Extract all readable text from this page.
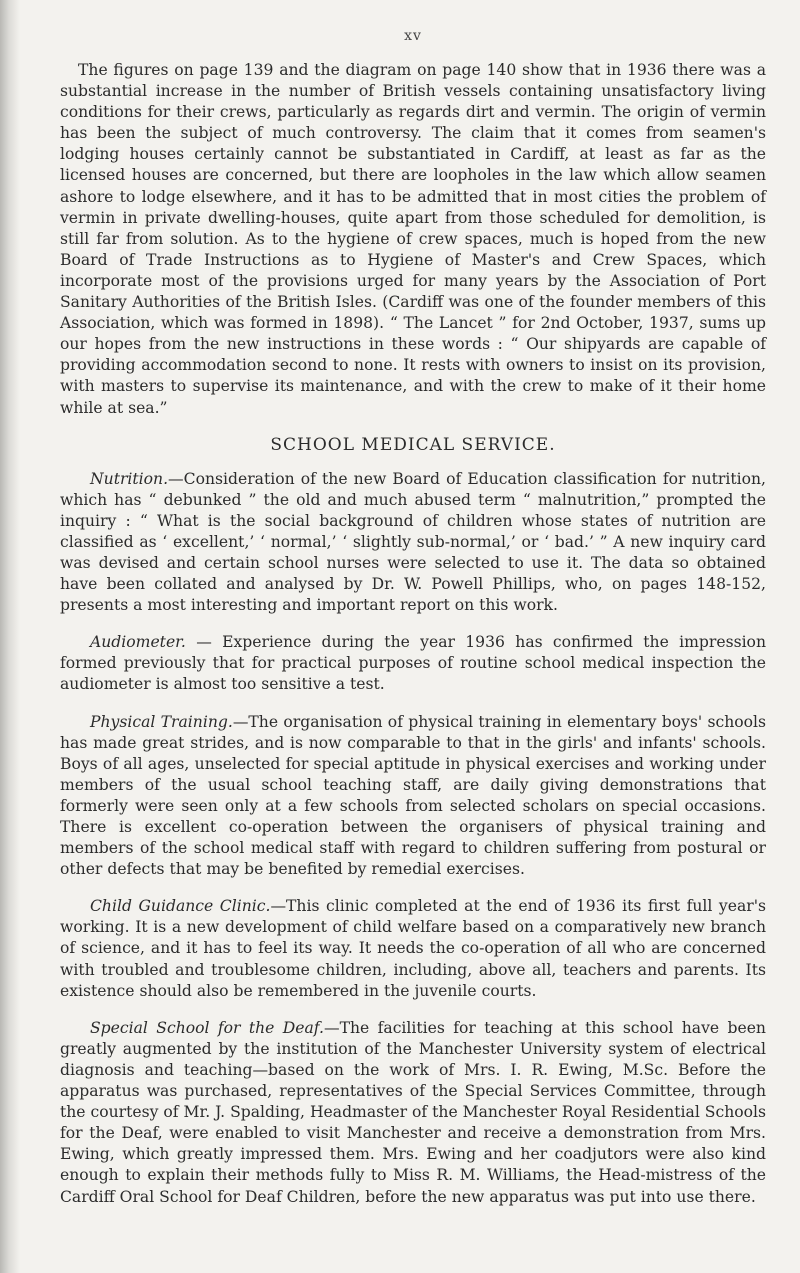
xv

The figures on page 139 and the diagram on page 140 show that in 1936 there was a substantial increase in the number of British vessels containing unsatisfactory living conditions for their crews, particularly as regards dirt and vermin. The origin of vermin has been the subject of much controversy. The claim that it comes from seamen's lodging houses certainly cannot be substantiated in Cardiff, at least as far as the licensed houses are concerned, but there are loopholes in the law which allow seamen ashore to lodge elsewhere, and it has to be admitted that in most cities the problem of vermin in private dwelling-houses, quite apart from those scheduled for demolition, is still far from solution. As to the hygiene of crew spaces, much is hoped from the new Board of Trade Instructions as to Hygiene of Master's and Crew Spaces, which incorporate most of the provisions urged for many years by the Association of Port Sanitary Authorities of the British Isles. (Cardiff was one of the founder members of this Association, which was formed in 1898). “ The Lancet ” for 2nd October, 1937, sums up our hopes from the new instructions in these words : “ Our shipyards are capable of providing accommodation second to none. It rests with owners to insist on its provision, with masters to supervise its maintenance, and with the crew to make of it their home while at sea.”

SCHOOL MEDICAL SERVICE.

Nutrition.—Consideration of the new Board of Education classification for nutrition, which has “ debunked ” the old and much abused term “ malnutrition,” prompted the inquiry : “ What is the social background of children whose states of nutrition are classified as ‘ excellent,’ ‘ normal,’ ‘ slightly sub-normal,’ or ‘ bad.’ ” A new inquiry card was devised and certain school nurses were selected to use it. The data so obtained have been collated and analysed by Dr. W. Powell Phillips, who, on pages 148-152, presents a most interesting and important report on this work.

Audiometer. — Experience during the year 1936 has confirmed the impression formed previously that for practical purposes of routine school medical inspection the audiometer is almost too sensitive a test.

Physical Training.—The organisation of physical training in elementary boys' schools has made great strides, and is now comparable to that in the girls' and infants' schools. Boys of all ages, unselected for special aptitude in physical exercises and working under members of the usual school teaching staff, are daily giving demonstrations that formerly were seen only at a few schools from selected scholars on special occasions. There is excellent co-operation between the organisers of physical training and members of the school medical staff with regard to children suffering from postural or other defects that may be benefited by remedial exercises.

Child Guidance Clinic.—This clinic completed at the end of 1936 its first full year's working. It is a new development of child welfare based on a comparatively new branch of science, and it has to feel its way. It needs the co-operation of all who are concerned with troubled and troublesome children, including, above all, teachers and parents. Its existence should also be remembered in the juvenile courts.

Special School for the Deaf.—The facilities for teaching at this school have been greatly augmented by the institution of the Manchester University system of electrical diagnosis and teaching—based on the work of Mrs. I. R. Ewing, M.Sc. Before the apparatus was purchased, representatives of the Special Services Committee, through the courtesy of Mr. J. Spalding, Headmaster of the Manchester Royal Residential Schools for the Deaf, were enabled to visit Manchester and receive a demonstration from Mrs. Ewing, which greatly impressed them. Mrs. Ewing and her coadjutors were also kind enough to explain their methods fully to Miss R. M. Williams, the Head-mistress of the Cardiff Oral School for Deaf Children, before the new apparatus was put into use there.
